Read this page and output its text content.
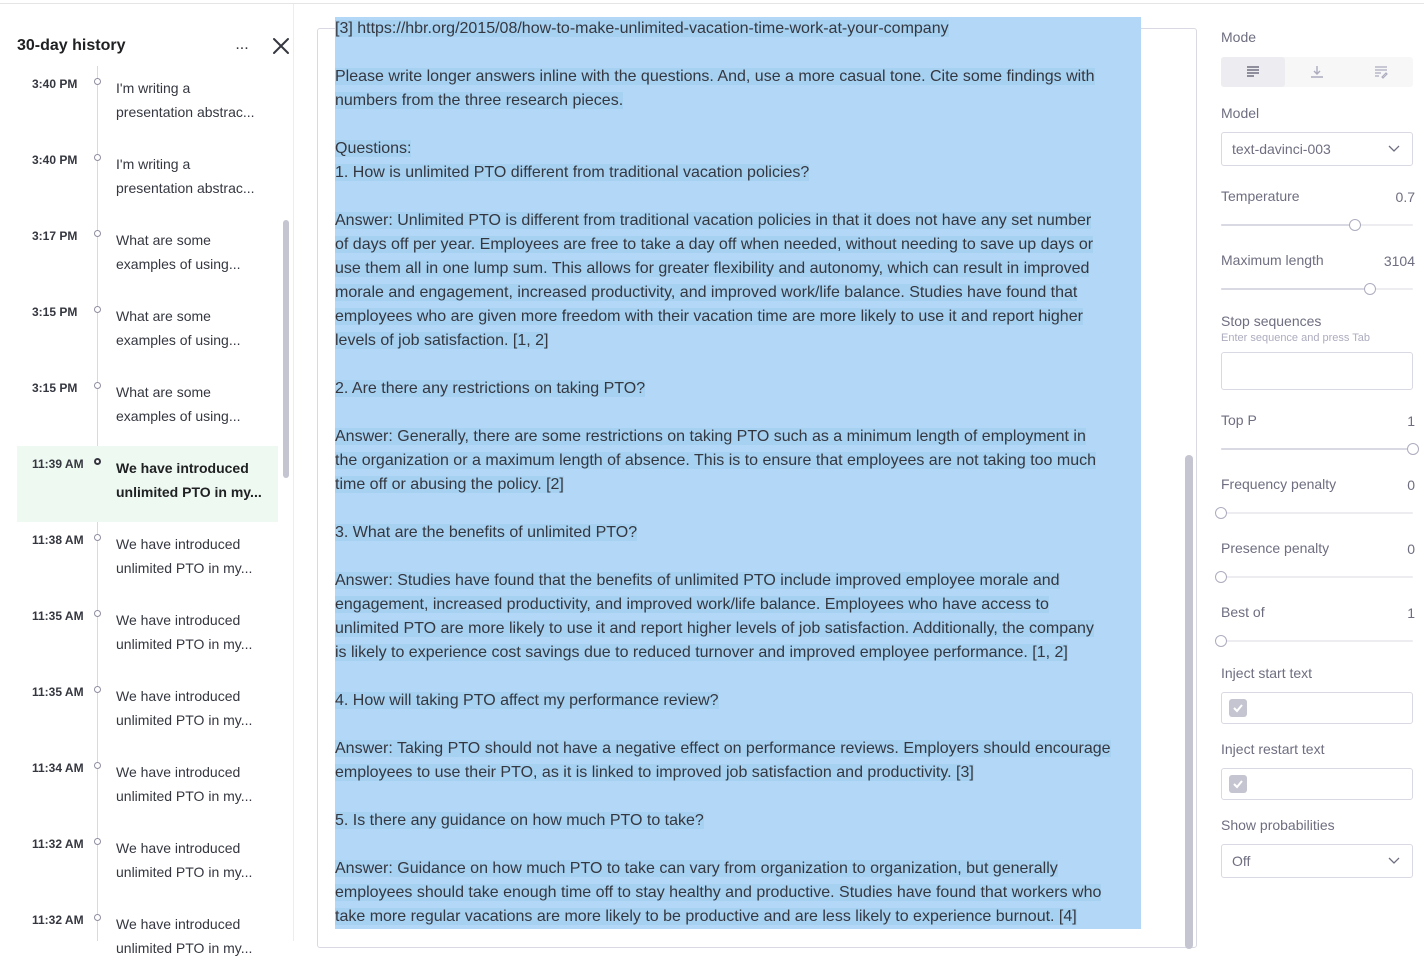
30-day history	...
3:40 PM	I'm writing a
presentation abstrac...
3:40 PM	I'm writing a
presentation abstrac...
3:17 PM	What are some
examples of using...
3:15 PM	What are some
examples of using...
3:15 PM	What are some
examples of using...
11:39 AM We have introduced
unlimited PTO in my...
11:38 AM We have introduced
unlimited PTO in my...
11:35 AM We have introduced
unlimited PTO in my...
11:35 AM We have introduced
unlimited PTO in my...
11:34 AM We have introduced
unlimited PTO in my...
11:32 AM We have introduced
unlimited PTO in my...
11:32 AM We have introduced
unlimited PTO in my...
[3] https://hbr.org/2015/08/how-to-make-unlimited-vacation-time-work-at-your-company
Please write longer answers inline with the questions. And, use a more casual tone. Cite some findings with
numbers from the three research pieces.
Questions:
1. How is unlimited PTO different from traditional vacation policies?
Answer: Unlimited PTO is different from traditional vacation policies in that it does not have any set number
of days off per year. Employees are free to take a day off when needed, without needing to save up days or
use them all in one lump sum. This allows for greater flexibility and autonomy, which can result in improved
morale and engagement, increased productivity, and improved work/life balance. Studies have found that
employees who are given more freedom with their vacation time are more likely to use it and report higher
levels of job satisfaction. [1, 2]
2. Are there any restrictions on taking PTO?
Answer: Generally, there are some restrictions on taking PTO such as a minimum length of employment in
the organization or a maximum length of absence. This is to ensure that employees are not taking too much
time off or abusing the policy. [2]
3. What are the benefits of unlimited PTO?
Answer: Studies have found that the benefits of unlimited PTO include improved employee morale and
engagement, increased productivity, and improved work/life balance. Employees who have access to
unlimited PTO are more likely to use it and report higher levels of job satisfaction. Additionally, the company
is likely to experience cost savings due to reduced turnover and improved employee performance. [1, 2]
4. How will taking PTO affect my performance review?
Answer: Taking PTO should not have a negative effect on performance reviews. Employers should encourage
employees to use their PTO, as it is linked to improved job satisfaction and productivity. [3]
5. Is there any guidance on how much PTO to take?
Answer: Guidance on how much PTO to take can vary from organization to organization, but generally
employees should take enough time off to stay healthy and productive. Studies have found that workers who
take more regular vacations are more likely to be productive and are less likely to experience burnout. [4]
Mode
Model
text-davinci-003
Temperature	0.7
Maximum length	3104
Stop sequences
Enter sequence and press Tab
Top P	1
Frequency penalty	0
Presence penalty	0
Best of	1
Inject start text
Inject restart text
Show probabilities
Off
